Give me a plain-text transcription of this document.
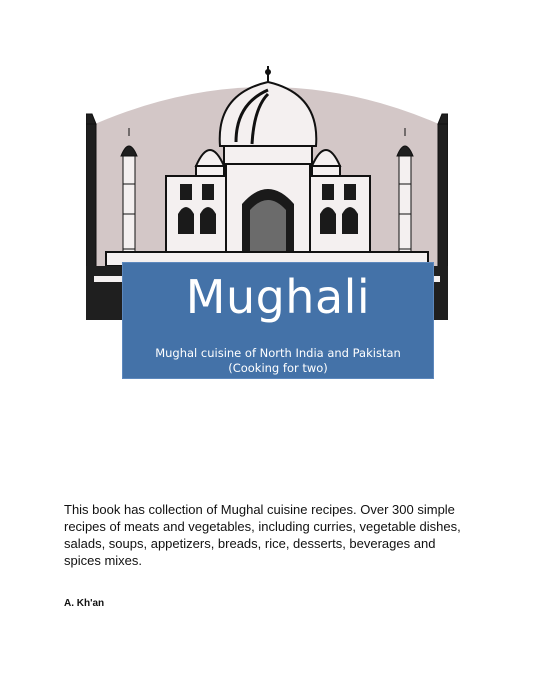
Mughali
Mughal cuisine of North India and Pakistan
(Cooking for two)

This book has collection of Mughal cuisine recipes. Over 300 simple recipes of meats and vegetables, including curries, vegetable dishes, salads, soups, appetizers, breads, rice, desserts, beverages and spices mixes.

A. Kh'an
